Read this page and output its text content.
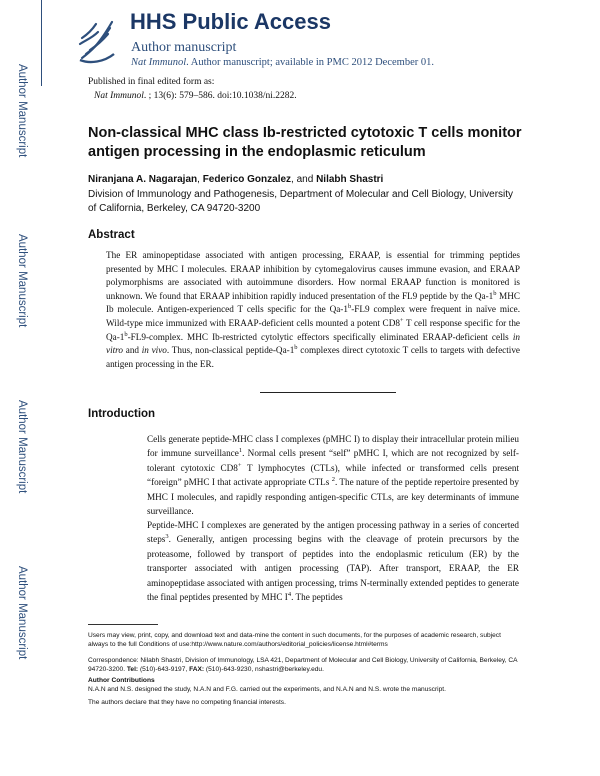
Author Manuscript
Author Manuscript
Author Manuscript
Author Manuscript
HHS Public Access
Author manuscript
Nat Immunol. Author manuscript; available in PMC 2012 December 01.
Published in final edited form as:
Nat Immunol. ; 13(6): 579–586. doi:10.1038/ni.2282.
Non-classical MHC class Ib-restricted cytotoxic T cells monitor antigen processing in the endoplasmic reticulum
Niranjana A. Nagarajan, Federico Gonzalez, and Nilabh Shastri
Division of Immunology and Pathogenesis, Department of Molecular and Cell Biology, University of California, Berkeley, CA 94720-3200
Abstract
The ER aminopeptidase associated with antigen processing, ERAAP, is essential for trimming peptides presented by MHC I molecules. ERAAP inhibition by cytomegalovirus causes immune evasion, and ERAAP polymorphisms are associated with autoimmune disorders. How normal ERAAP function is monitored is unknown. We found that ERAAP inhibition rapidly induced presentation of the FL9 peptide by the Qa-1$^b$ MHC Ib molecule. Antigen-experienced T cells specific for the Qa-1$^b$-FL9 complex were frequent in naïve mice. Wild-type mice immunized with ERAAP-deficient cells mounted a potent CD8+ T cell response specific for the Qa-1$^b$-FL9-complex. MHC Ib-restricted cytolytic effectors specifically eliminated ERAAP-deficient cells in vitro and in vivo. Thus, non-classical peptide-Qa-1$^b$ complexes direct cytotoxic T cells to targets with defective antigen processing in the ER.
Introduction
Cells generate peptide-MHC class I complexes (pMHC I) to display their intracellular protein milieu for immune surveillance$^1$. Normal cells present “self” pMHC I, which are not recognized by self-tolerant cytotoxic CD8+ T lymphocytes (CTLs), while infected or transformed cells present “foreign” pMHC I that activate appropriate CTLs $^2$. The nature of the peptide repertoire presented by MHC I molecules, and rapidly responding antigen-specific CTLs, are key determinants of immune surveillance.
Peptide-MHC I complexes are generated by the antigen processing pathway in a series of concerted steps$^3$. Generally, antigen processing begins with the cleavage of protein precursors by the proteasome, followed by transport of peptides into the endoplasmic reticulum (ER) by the transporter associated with antigen processing (TAP). After transport, ERAAP, the ER aminopeptidase associated with antigen processing, trims N-terminally extended peptides to generate the final peptides presented by MHC $I^4$. The peptides
Users may view, print, copy, and download text and data-mine the content in such documents, for the purposes of academic research, subject always to the full Conditions of use:http://www.nature.com/authors/editorial_policies/license.html#terms
Correspondence: Nilabh Shastri, Division of Immunology, LSA 421, Department of Molecular and Cell Biology, University of California, Berkeley, CA 94720-3200. Tel: (510)-643-9197, FAX: (510)-643-9230, nshastri@berkeley.edu.
Author Contributions
N.A.N and N.S. designed the study, N.A.N and F.G. carried out the experiments, and N.A.N and N.S. wrote the manuscript.
The authors declare that they have no competing financial interests.
